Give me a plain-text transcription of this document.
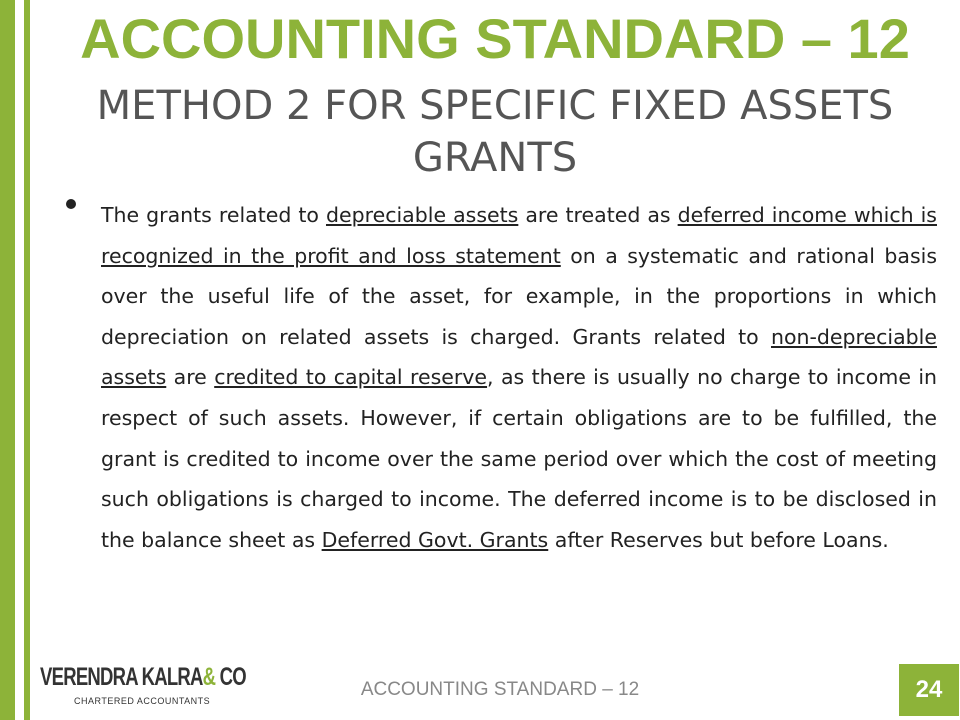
ACCOUNTING STANDARD – 12
METHOD 2 FOR SPECIFIC FIXED ASSETS GRANTS

The grants related to depreciable assets are treated as deferred income which is recognized in the profit and loss statement on a systematic and rational basis over the useful life of the asset, for example, in the proportions in which depreciation on related assets is charged. Grants related to non-depreciable assets are credited to capital reserve, as there is usually no charge to income in respect of such assets. However, if certain obligations are to be fulfilled, the grant is credited to income over the same period over which the cost of meeting such obligations is charged to income. The deferred income is to be disclosed in the balance sheet as Deferred Govt. Grants after Reserves but before Loans.

VERENDRA KALRA& CO
CHARTERED ACCOUNTANTS
ACCOUNTING STANDARD – 12	24
